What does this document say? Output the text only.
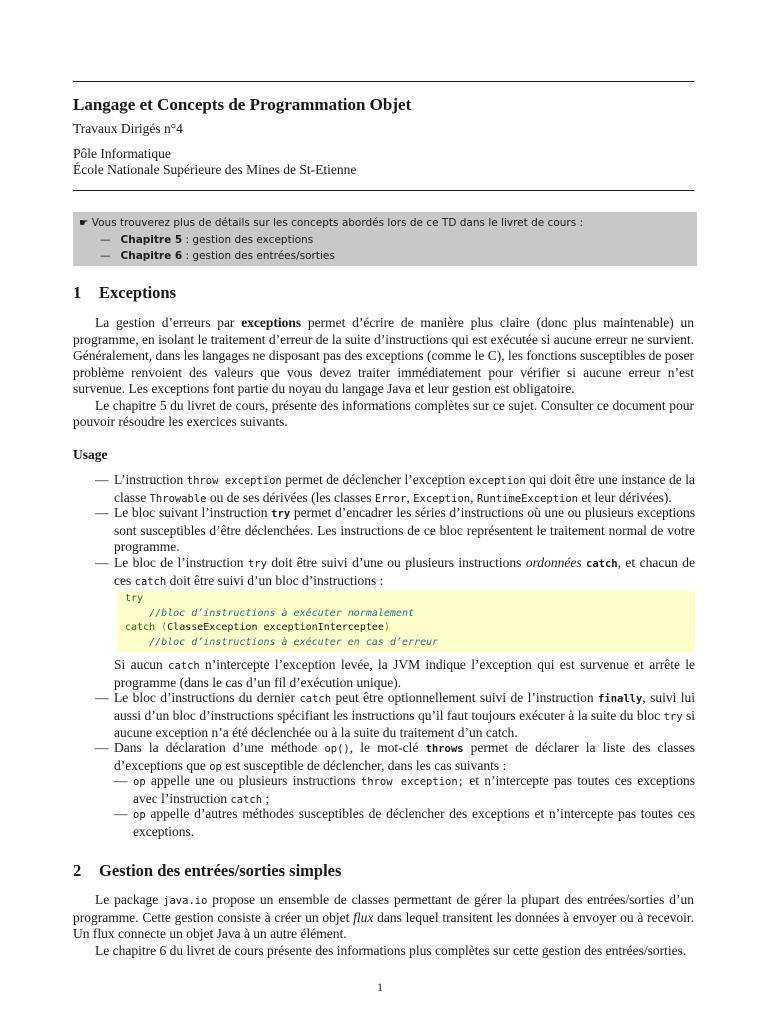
Langage et Concepts de Programmation Objet
Travaux Dirigés n°4
Pôle Informatique
École Nationale Supérieure des Mines de St-Etienne
☛ Vous trouverez plus de détails sur les concepts abordés lors de ce TD dans le livret de cours :
— Chapitre 5 : gestion des exceptions
— Chapitre 6 : gestion des entrées/sorties
1 Exceptions

La gestion d’erreurs par exceptions permet d’écrire de manière plus claire (donc plus maintenable) un programme, en isolant le traitement d’erreur de la suite d’instructions qui est exécutée si aucune erreur ne survient. Généralement, dans les langages ne disposant pas des exceptions (comme le C), les fonctions susceptibles de poser problème renvoient des valeurs que vous devez traiter immédiatement pour vérifier si aucune erreur n’est survenue. Les exceptions font partie du noyau du langage Java et leur gestion est obligatoire.

Le chapitre 5 du livret de cours, présente des informations complètes sur ce sujet. Consulter ce document pour pouvoir résoudre les exercices suivants.

Usage
— L’instruction throw exception permet de déclencher l’exception exception qui doit être une instance de la classe Throwable ou de ses dérivées (les classes Error, Exception, RuntimeException et leur dérivées).
— Le bloc suivant l’instruction try permet d’encadrer les séries d’instructions où une ou plusieurs exceptions sont susceptibles d’être déclenchées. Les instructions de ce bloc représentent le traitement normal de votre programme.
— Le bloc de l’instruction try doit être suivi d’une ou plusieurs instructions ordonnées catch, et chacun de ces catch doit être suivi d’un bloc d’instructions :
try
//bloc d’instructions à exécuter normalement
catch (ClasseException exceptionInterceptee)
//bloc d’instructions à exécuter en cas d’erreur
Si aucun catch n’intercepte l’exception levée, la JVM indique l’exception qui est survenue et arrête le programme (dans le cas d’un fil d’exécution unique).
— Le bloc d’instructions du dernier catch peut être optionnellement suivi de l’instruction finally, suivi lui aussi d’un bloc d’instructions spécifiant les instructions qu’il faut toujours exécuter à la suite du bloc try si aucune exception n’a été déclenchée ou à la suite du traitement d’un catch.
— Dans la déclaration d’une méthode op(), le mot-clé throws permet de déclarer la liste des classes d’exceptions que op est susceptible de déclencher, dans les cas suivants :
— op appelle une ou plusieurs instructions throw exception; et n’intercepte pas toutes ces exceptions avec l’instruction catch ;
— op appelle d’autres méthodes susceptibles de déclencher des exceptions et n’intercepte pas toutes ces exceptions.
2 Gestion des entrées/sorties simples

Le package java.io propose un ensemble de classes permettant de gérer la plupart des entrées/sorties d’un programme. Cette gestion consiste à créer un objet flux dans lequel transitent les données à envoyer ou à recevoir. Un flux connecte un objet Java à un autre élément.

Le chapitre 6 du livret de cours présente des informations plus complètes sur cette gestion des entrées/sorties.

1
